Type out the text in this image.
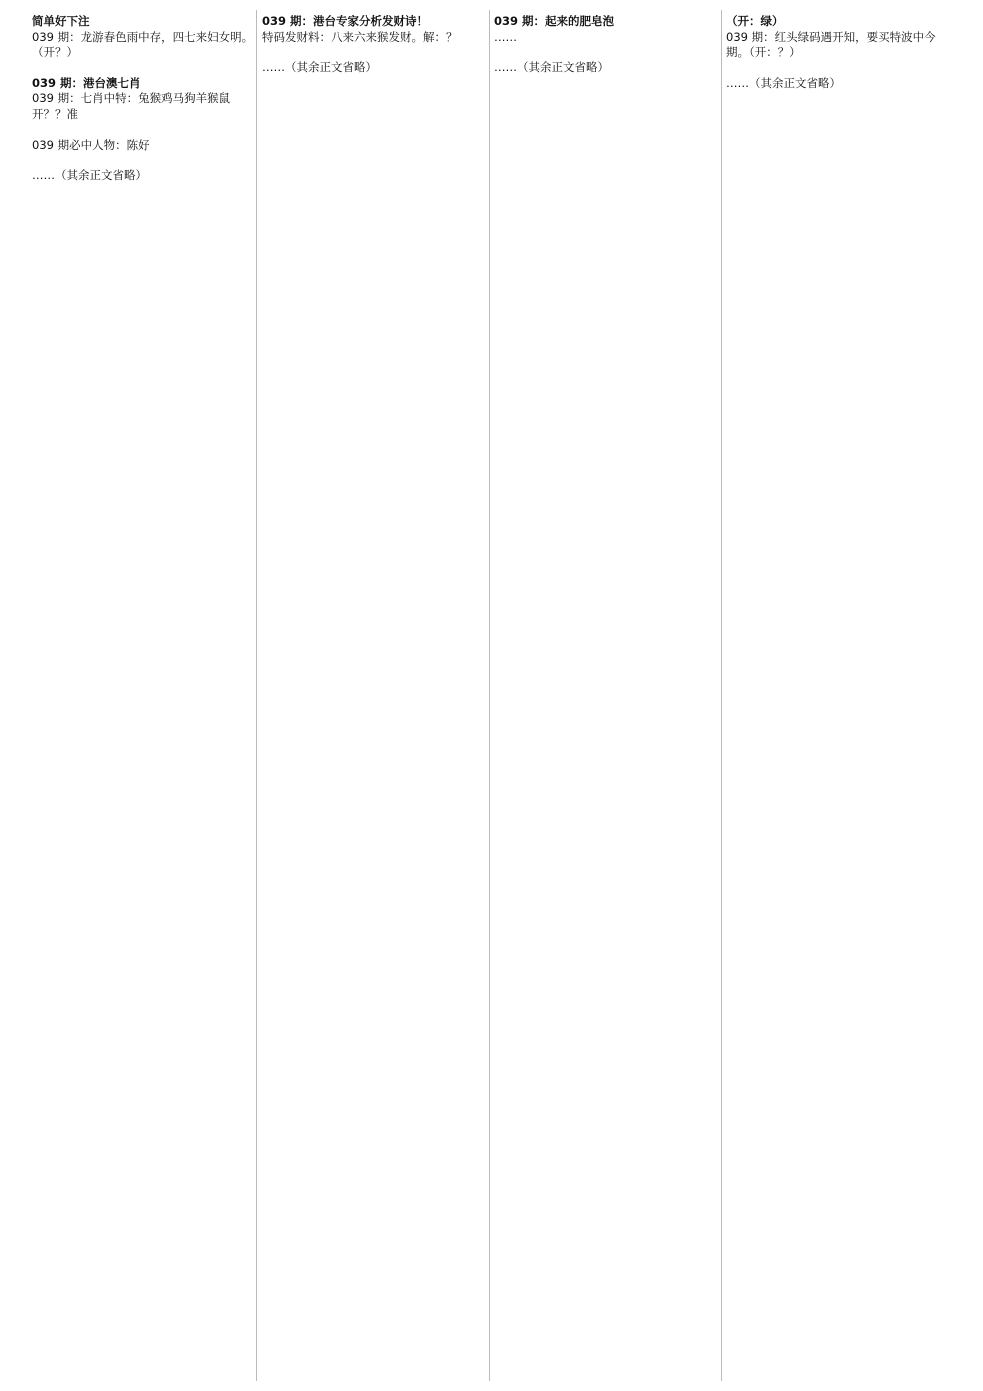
简单好下注

039 期：龙游春色雨中存，四七来妇女明。（开？）

039 期：港台澳七肖

039 期：七肖中特：兔猴鸡马狗羊猴鼠开？？准

039 期必中人物：陈好

……（其余正文省略）

039 期：港台专家分析发财诗！

特码发财料：八来六来猴发财。解：？

……（其余正文省略）

039 期：起来的肥皂泡

……

……（其余正文省略）

（开：绿）

039 期：红头绿码遇开知，要买特波中今期。（开：？）

……（其余正文省略）
